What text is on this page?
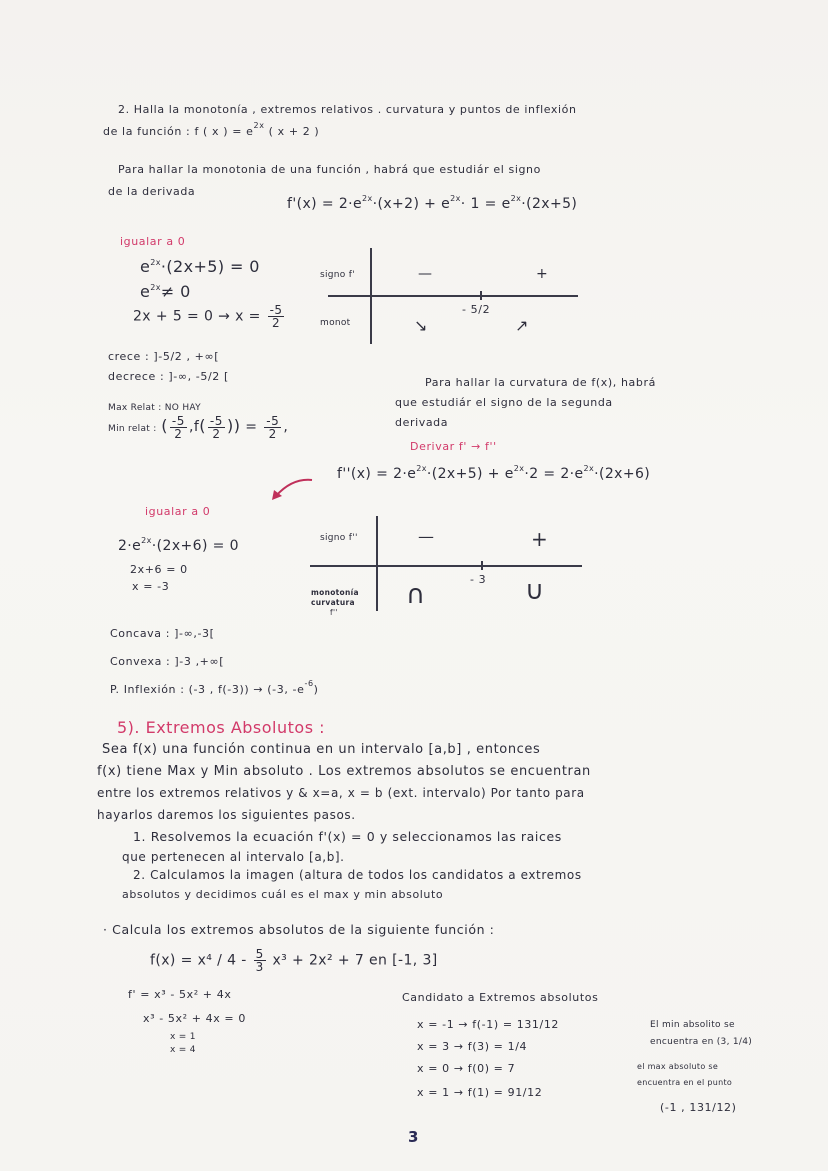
2. Halla la monotonía , extremos relativos . curvatura y puntos de inflexión
de la función : f ( x ) = $e^{2x}$ ( x + 2 )
Para hallar la monotonia de una función , habrá que estudiár el signo
de la derivada
$f'(x) = 2\cdot e^{2x}\cdot(x+2) + e^{2x}\cdot 1 = e^{2x}\cdot(2x+5)$
igualar a 0
$e^{2x}\cdot(2x+5) = 0$
$e^{2x}\ne 0$
$2x + 5 = 0 \to x = \frac{-5}{2}$
signo f'
monot
—	+
- 5/2
↘	↗
crece : ]-5/2 , +∞[
decrece : ]-∞, -5/2 [
Max Relat : NO HAY
Min relat : ( $\frac{-5}{2} ,f( \frac{-5}{2}$ )) = $\frac{-5}{2}$ ,
Para hallar la curvatura de f(x), habrá
que estudiár el signo de la segunda
derivada
Derivar f' → f''
$f''(x) = 2\cdot e^{2x}\cdot(2x+5) + e^{2x}\cdot 2 = 2\cdot e^{2x}\cdot(2x+6)$
igualar a 0
$2\cdot e^{2x}\cdot(2x+6) = 0$
2x+6 = 0
x = -3
signo f''
monotonía
curvatura
f''
—	+
- 3
∩	∪
Concava : ]-∞,-3[
Convexa : ]-3 ,+∞[
P. Inflexión : (-3 , f(-3)) → (-3, $-e^{-6}$)
5). Extremos Absolutos :
Sea f(x) una función continua en un intervalo [a,b] , entonces
f(x) tiene Max y Min absoluto . Los extremos absolutos se encuentran
entre los extremos relativos y & x=a, x = b (ext. intervalo) Por tanto para
hayarlos daremos los siguientes pasos.
1. Resolvemos la ecuación f'(x) = 0 y seleccionamos las raices
que pertenecen al intervalo [a,b].
2. Calculamos la imagen (altura de todos los candidatos a extremos
absolutos y decidimos cuál es el max y min absoluto
· Calcula los extremos absolutos de la siguiente función :
$f(x) = x^4 / 4 - \frac{5}{3} x^3 + 2x^2 + 7$ en [-1, 3]
f' = x³ - 5x² + 4x
x³ - 5x² + 4x = 0
x = 1
x = 4
Candidato a Extremos absolutos
x = -1 → f(-1) = 131/12
x = 3 → f(3) = 1/4
x = 0 → f(0) = 7
x = 1 → f(1) = 91/12
El min absolito se
encuentra en (3, 1/4)
el max absoluto se
encuentra en el punto
(-1 , 131/12)
3
